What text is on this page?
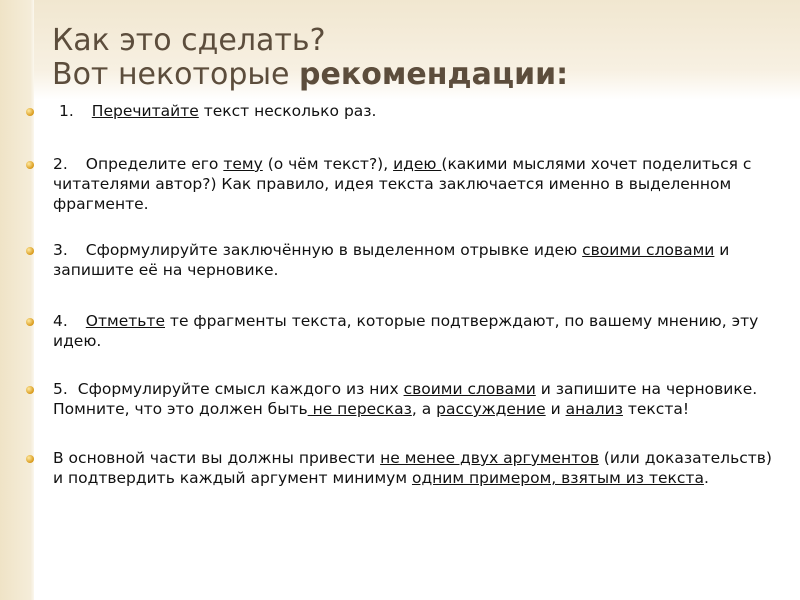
Как это сделать?
Вот некоторые рекомендации:
1. Перечитайте текст несколько раз.
2. Определите его тему (о чём текст?), идею (какими мыслями хочет поделиться с читателями автор?) Как правило, идея текста заключается именно в выделенном фрагменте.
3. Сформулируйте заключённую в выделенном отрывке идею своими словами и запишите её на черновике.
4. Отметьте те фрагменты текста, которые подтверждают, по вашему мнению, эту идею.
5. Сформулируйте смысл каждого из них своими словами и запишите на черновике. Помните, что это должен быть не пересказ, а рассуждение и анализ текста!
В основной части вы должны привести не менее двух аргументов (или доказательств) и подтвердить каждый аргумент минимум одним примером, взятым из текста.
